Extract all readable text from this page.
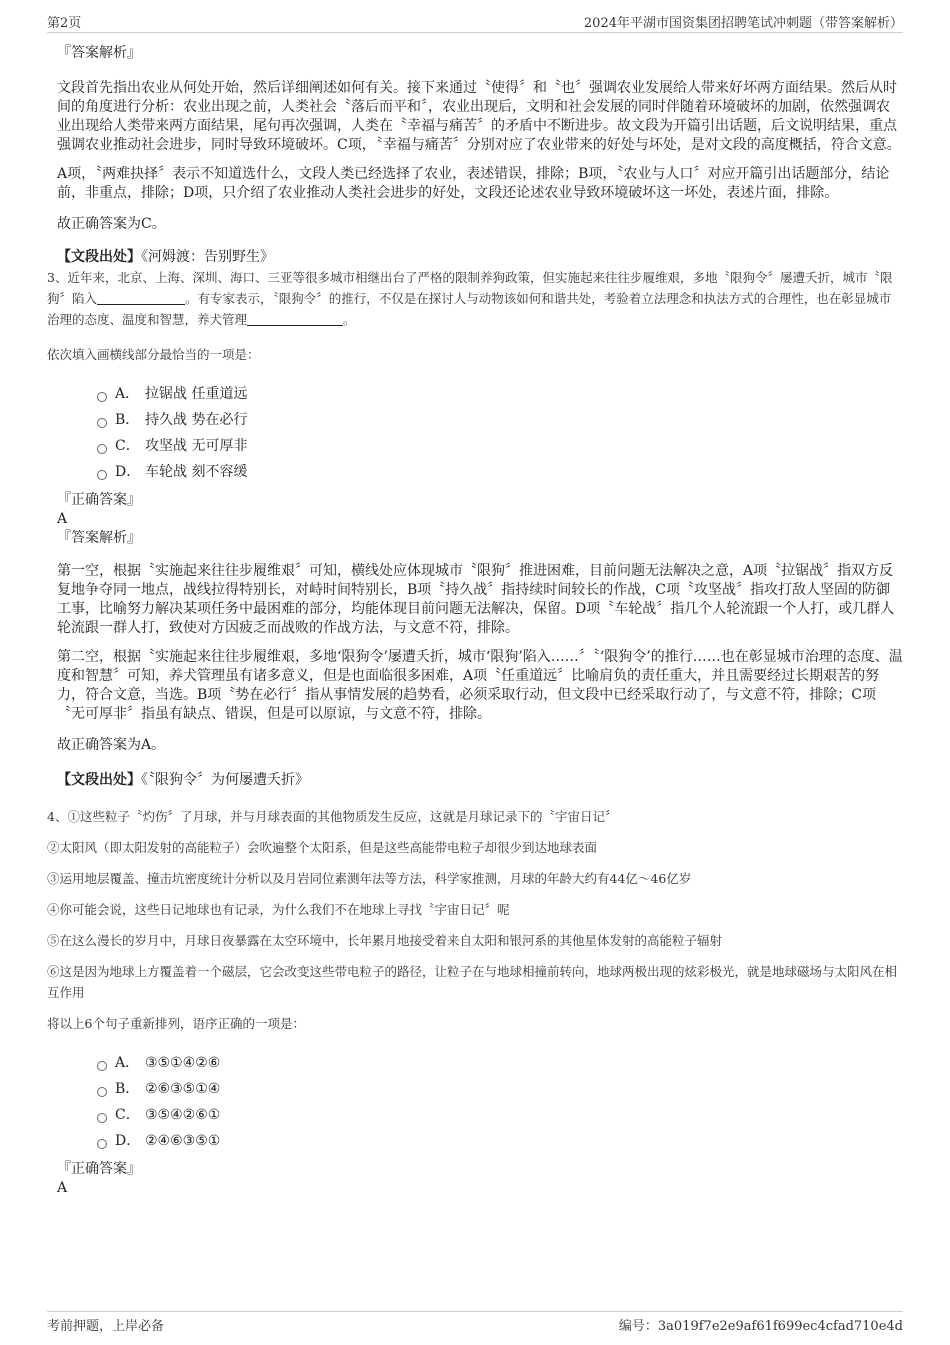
第2页	2024年平湖市国资集团招聘笔试冲刺题（带答案解析）

『答案解析』

文段首先指出农业从何处开始，然后详细阐述如何有关。接下来通过〝使得〞和〝也〞强调农业发展给人带来好坏两方面结果。然后从时间的角度进行分析：农业出现之前，人类社会〝落后而平和〞，农业出现后，文明和社会发展的同时伴随着环境破坏的加剧，依然强调农业出现给人类带来两方面结果，尾句再次强调，人类在〝幸福与痛苦〞的矛盾中不断进步。故文段为开篇引出话题，后文说明结果，重点强调农业推动社会进步，同时导致环境破坏。C项，〝幸福与痛苦〞分别对应了农业带来的好处与坏处，是对文段的高度概括，符合文意。

A项，〝两难抉择〞表示不知道选什么，文段人类已经选择了农业，表述错误，排除；B项，〝农业与人口〞对应开篇引出话题部分，结论前，非重点，排除；D项，只介绍了农业推动人类社会进步的好处，文段还论述农业导致环境破坏这一坏处，表述片面，排除。

故正确答案为C。

【文段出处】《河姆渡：告别野生》

3、近年来，北京、上海、深圳、海口、三亚等很多城市相继出台了严格的限制养狗政策，但实施起来往往步履维艰，多地〝限狗令〞屡遭夭折，城市〝限狗〞陷入	。有专家表示，〝限狗令〞的推行，不仅是在探讨人与动物该如何和谐共处，考验着立法理念和执法方式的合理性，也在彰显城市治理的态度、温度和智慧，养犬管理	。

依次填入画横线部分最恰当的一项是：

A． 拉锯战 任重道远
B． 持久战 势在必行
C． 攻坚战 无可厚非
D． 车轮战 刻不容缓

『正确答案』

A

『答案解析』

第一空，根据〝实施起来往往步履维艰〞可知，横线处应体现城市〝限狗〞推进困难，目前问题无法解决之意，A项〝拉锯战〞指双方反复地争夺同一地点，战线拉得特别长，对峙时间特别长，B项〝持久战〞指持续时间较长的作战，C项〝攻坚战〞指攻打敌人坚固的防御工事，比喻努力解决某项任务中最困难的部分，均能体现目前问题无法解决，保留。D项〝车轮战〞指几个人轮流跟一个人打，或几群人轮流跟一群人打，致使对方因疲乏而战败的作战方法，与文意不符，排除。

第二空，根据〝实施起来往往步履维艰，多地‘限狗令’屡遭夭折，城市‘限狗’陷入……〞〝‘限狗令’的推行……也在彰显城市治理的态度、温度和智慧〞可知，养犬管理虽有诸多意义，但是也面临很多困难，A项〝任重道远〞比喻肩负的责任重大，并且需要经过长期艰苦的努力，符合文意，当选。B项〝势在必行〞指从事情发展的趋势看，必须采取行动，但文段中已经采取行动了，与文意不符，排除；C项〝无可厚非〞指虽有缺点、错误，但是可以原谅，与文意不符，排除。

故正确答案为A。

【文段出处】《〝限狗令〞为何屡遭夭折》

4、①这些粒子〝灼伤〞了月球，并与月球表面的其他物质发生反应，这就是月球记录下的〝宇宙日记〞

②太阳风（即太阳发射的高能粒子）会吹遍整个太阳系，但是这些高能带电粒子却很少到达地球表面

③运用地层覆盖、撞击坑密度统计分析以及月岩同位素测年法等方法，科学家推测，月球的年龄大约有44亿～46亿岁

④你可能会说，这些日记地球也有记录，为什么我们不在地球上寻找〝宇宙日记〞呢

⑤在这么漫长的岁月中，月球日夜暴露在太空环境中，长年累月地接受着来自太阳和银河系的其他星体发射的高能粒子辐射

⑥这是因为地球上方覆盖着一个磁层，它会改变这些带电粒子的路径，让粒子在与地球相撞前转向，地球两极出现的炫彩极光，就是地球磁场与太阳风在相互作用

将以上6个句子重新排列，语序正确的一项是：

A． ③⑤①④②⑥
B． ②⑥③⑤①④
C． ③⑤④②⑥①
D． ②④⑥③⑤①

『正确答案』

A

考前押题，上岸必备	编号：3a019f7e2e9af61f699ec4cfad710e4d
